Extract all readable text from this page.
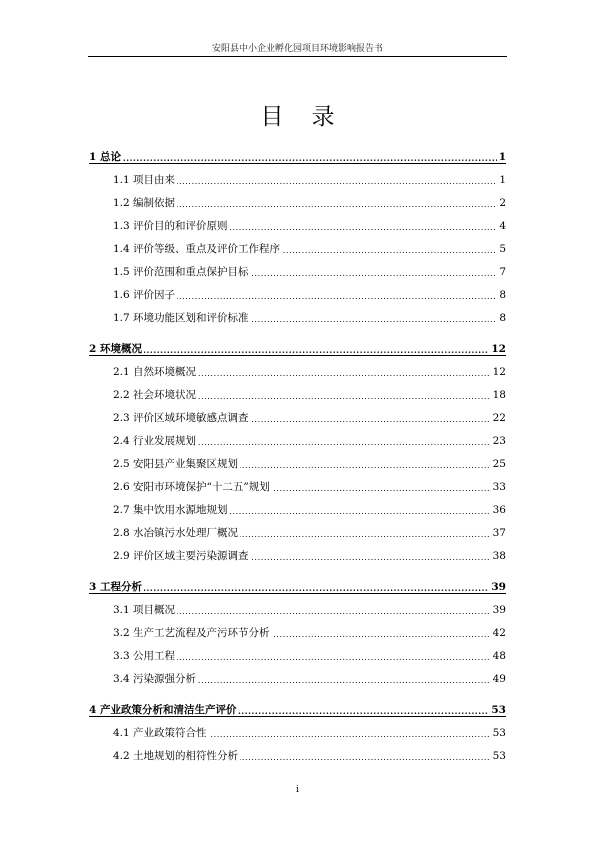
安阳县中小企业孵化园项目环境影响报告书
目录
.....
1 总论	1
.....
1.1 项目由来	1
.....
1.2 编制依据	2
.....
1.3 评价目的和评价原则	4
.....
1.4 评价等级、重点及评价工作程序	5
.....
1.5 评价范围和重点保护目标	7
.....
1.6 评价因子	8
.....
1.7 环境功能区划和评价标准	8
.....
2 环境概况	12
.....
2.1 自然环境概况	12
.....
2.2 社会环境状况	18
.....
2.3 评价区域环境敏感点调查	22
.....
2.4 行业发展规划	23
.....
2.5 安阳县产业集聚区规划	25
.....
2.6 安阳市环境保护“十二五”规划	33
.....
2.7 集中饮用水源地规划	36
.....
2.8 水冶镇污水处理厂概况	37
.....
2.9 评价区域主要污染源调查	38
.....
3 工程分析	39
.....
3.1 项目概况	39
.....
3.2 生产工艺流程及产污环节分析	42
.....
3.3 公用工程	48
.....
3.4 污染源强分析	49
.....
4 产业政策分析和清洁生产评价	53
.....
4.1 产业政策符合性	53
.....
4.2 土地规划的相符性分析	53
i
